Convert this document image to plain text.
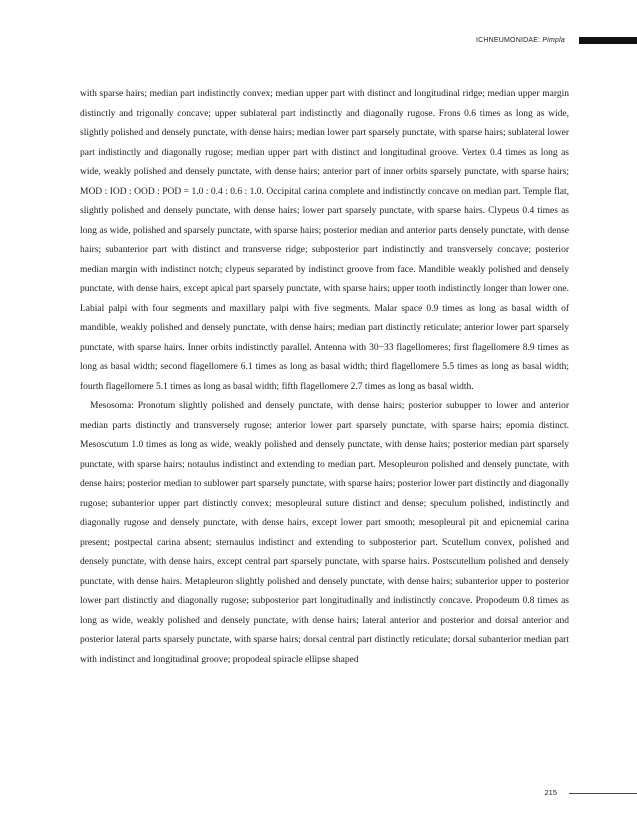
ICHNEUMONIDAE: Pimpla

with sparse hairs; median part indistinctly convex; median upper part with distinct and longitudinal ridge; median upper margin distinctly and trigonally concave; upper sublateral part indistinctly and diagonally rugose. Frons 0.6 times as long as wide, slightly polished and densely punctate, with dense hairs; median lower part sparsely punctate, with sparse hairs; sublateral lower part indistinctly and diagonally rugose; median upper part with distinct and longitudinal groove. Vertex 0.4 times as long as wide, weakly polished and densely punctate, with dense hairs; anterior part of inner orbits sparsely punctate, with sparse hairs; MOD : IOD : OOD : POD = 1.0 : 0.4 : 0.6 : 1.0. Occipital carina complete and indistinctly concave on median part. Temple flat, slightly polished and densely punctate, with dense hairs; lower part sparsely punctate, with sparse hairs. Clypeus 0.4 times as long as wide, polished and sparsely punctate, with sparse hairs; posterior median and anterior parts densely punctate, with dense hairs; subanterior part with distinct and transverse ridge; subposterior part indistinctly and transversely concave; posterior median margin with indistinct notch; clypeus separated by indistinct groove from face. Mandible weakly polished and densely punctate, with dense hairs, except apical part sparsely punctate, with sparse hairs; upper tooth indistinctly longer than lower one. Labial palpi with four segments and maxillary palpi with five segments. Malar space 0.9 times as long as basal width of mandible, weakly polished and densely punctate, with dense hairs; median part distinctly reticulate; anterior lower part sparsely punctate, with sparse hairs. Inner orbits indistinctly parallel. Antenna with 30−33 flagellomeres; first flagellomere 8.9 times as long as basal width; second flagellomere 6.1 times as long as basal width; third flagellomere 5.5 times as long as basal width; fourth flagellomere 5.1 times as long as basal width; fifth flagellomere 2.7 times as long as basal width.

Mesosoma: Pronotum slightly polished and densely punctate, with dense hairs; posterior subupper to lower and anterior median parts distinctly and transversely rugose; anterior lower part sparsely punctate, with sparse hairs; epomia distinct. Mesoscutum 1.0 times as long as wide, weakly polished and densely punctate, with dense hairs; posterior median part sparsely punctate, with sparse hairs; notaulus indistinct and extending to median part. Mesopleuron polished and densely punctate, with dense hairs; posterior median to sublower part sparsely punctate, with sparse hairs; posterior lower part distinctly and diagonally rugose; subanterior upper part distinctly convex; mesopleural suture distinct and dense; speculum polished, indistinctly and diagonally rugose and densely punctate, with dense hairs, except lower part smooth; mesopleural pit and epicnemial carina present; postpectal carina absent; sternaulus indistinct and extending to subposterior part. Scutellum convex, polished and densely punctate, with dense hairs, except central part sparsely punctate, with sparse hairs. Postscutellum polished and densely punctate, with dense hairs. Metapleuron slightly polished and densely punctate, with dense hairs; subanterior upper to posterior lower part distinctly and diagonally rugose; subposterior part longitudinally and indistinctly concave. Propodeum 0.8 times as long as wide, weakly polished and densely punctate, with dense hairs; lateral anterior and posterior and dorsal anterior and posterior lateral parts sparsely punctate, with sparse hairs; dorsal central part distinctly reticulate; dorsal subanterior median part with indistinct and longitudinal groove; propodeal spiracle ellipse shaped

215
